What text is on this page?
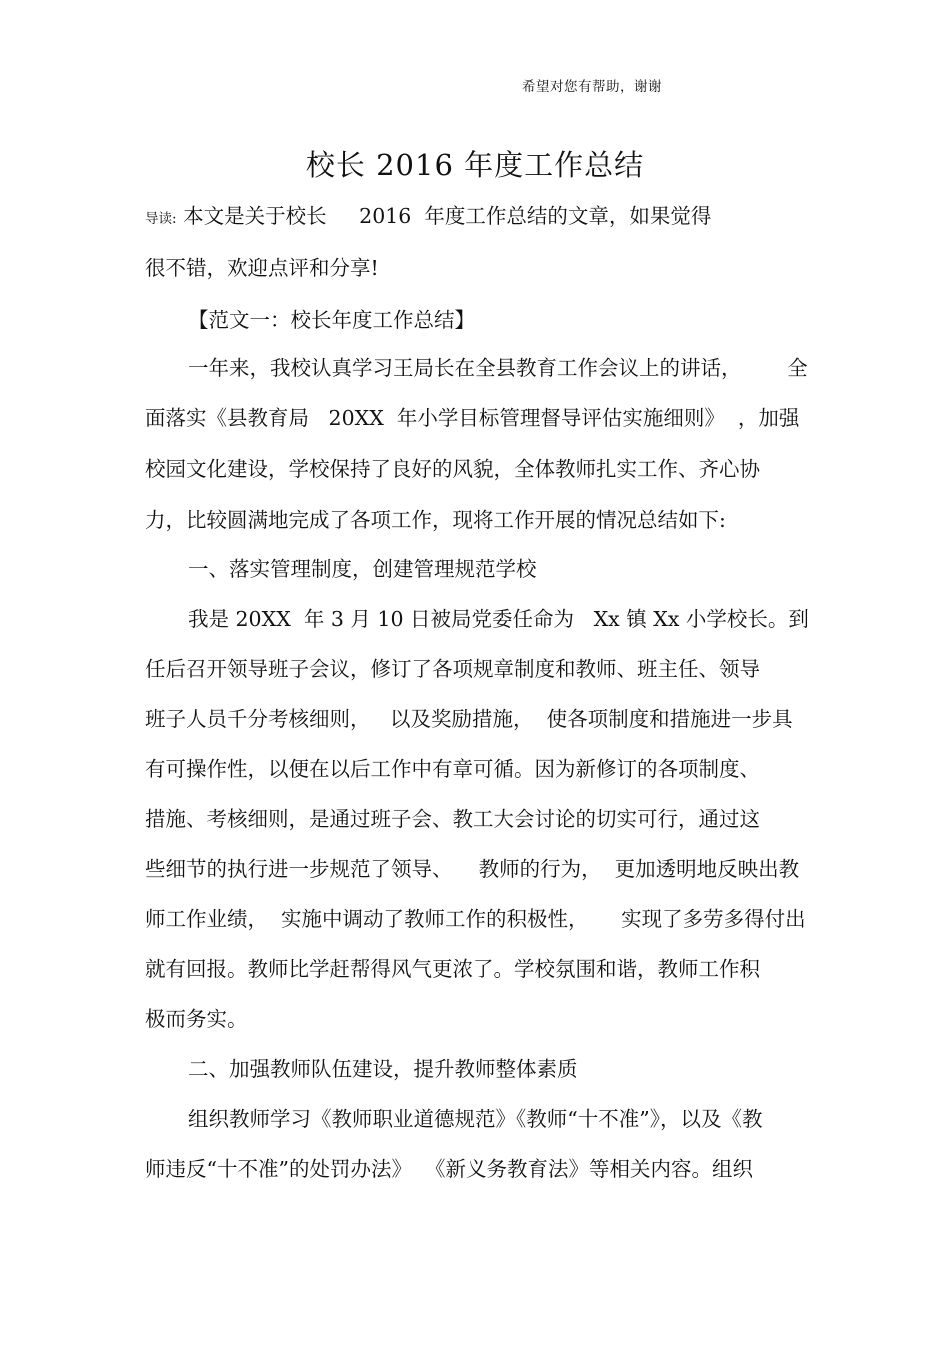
希望对您有帮助，谢谢
校长 2016 年度工作总结
导读: 本文是关于校长     2016  年度工作总结的文章，如果觉得
很不错，欢迎点评和分享!
【范文一：校长年度工作总结】
一年来，我校认真学习王局长在全县教育工作会议上的讲话，       全
面落实《县教育局   20XX  年小学目标管理督导评估实施细则》  ，加强
校园文化建设，学校保持了良好的风貌，全体教师扎实工作、齐心协
力，比较圆满地完成了各项工作，现将工作开展的情况总结如下:
一、落实管理制度，创建管理规范学校
我是 20XX  年 3 月 10 日被局党委任命为   Xx 镇 Xx 小学校长。到
任后召开领导班子会议，修订了各项规章制度和教师、班主任、领导
班子人员千分考核细则，   以及奖励措施，  使各项制度和措施进一步具
有可操作性，以便在以后工作中有章可循。因为新修订的各项制度、
措施、考核细则，是通过班子会、教工大会讨论的切实可行，通过这
些细节的执行进一步规范了领导、    教师的行为，  更加透明地反映出教
师工作业绩，  实施中调动了教师工作的积极性，     实现了多劳多得付出
就有回报。教师比学赶帮得风气更浓了。学校氛围和谐，教师工作积
极而务实。
二、加强教师队伍建设，提升教师整体素质
组织教师学习《教师职业道德规范》《教师“十不准”》，以及《教
师违反“十不准”的处罚办法》  《新义务教育法》等相关内容。组织
